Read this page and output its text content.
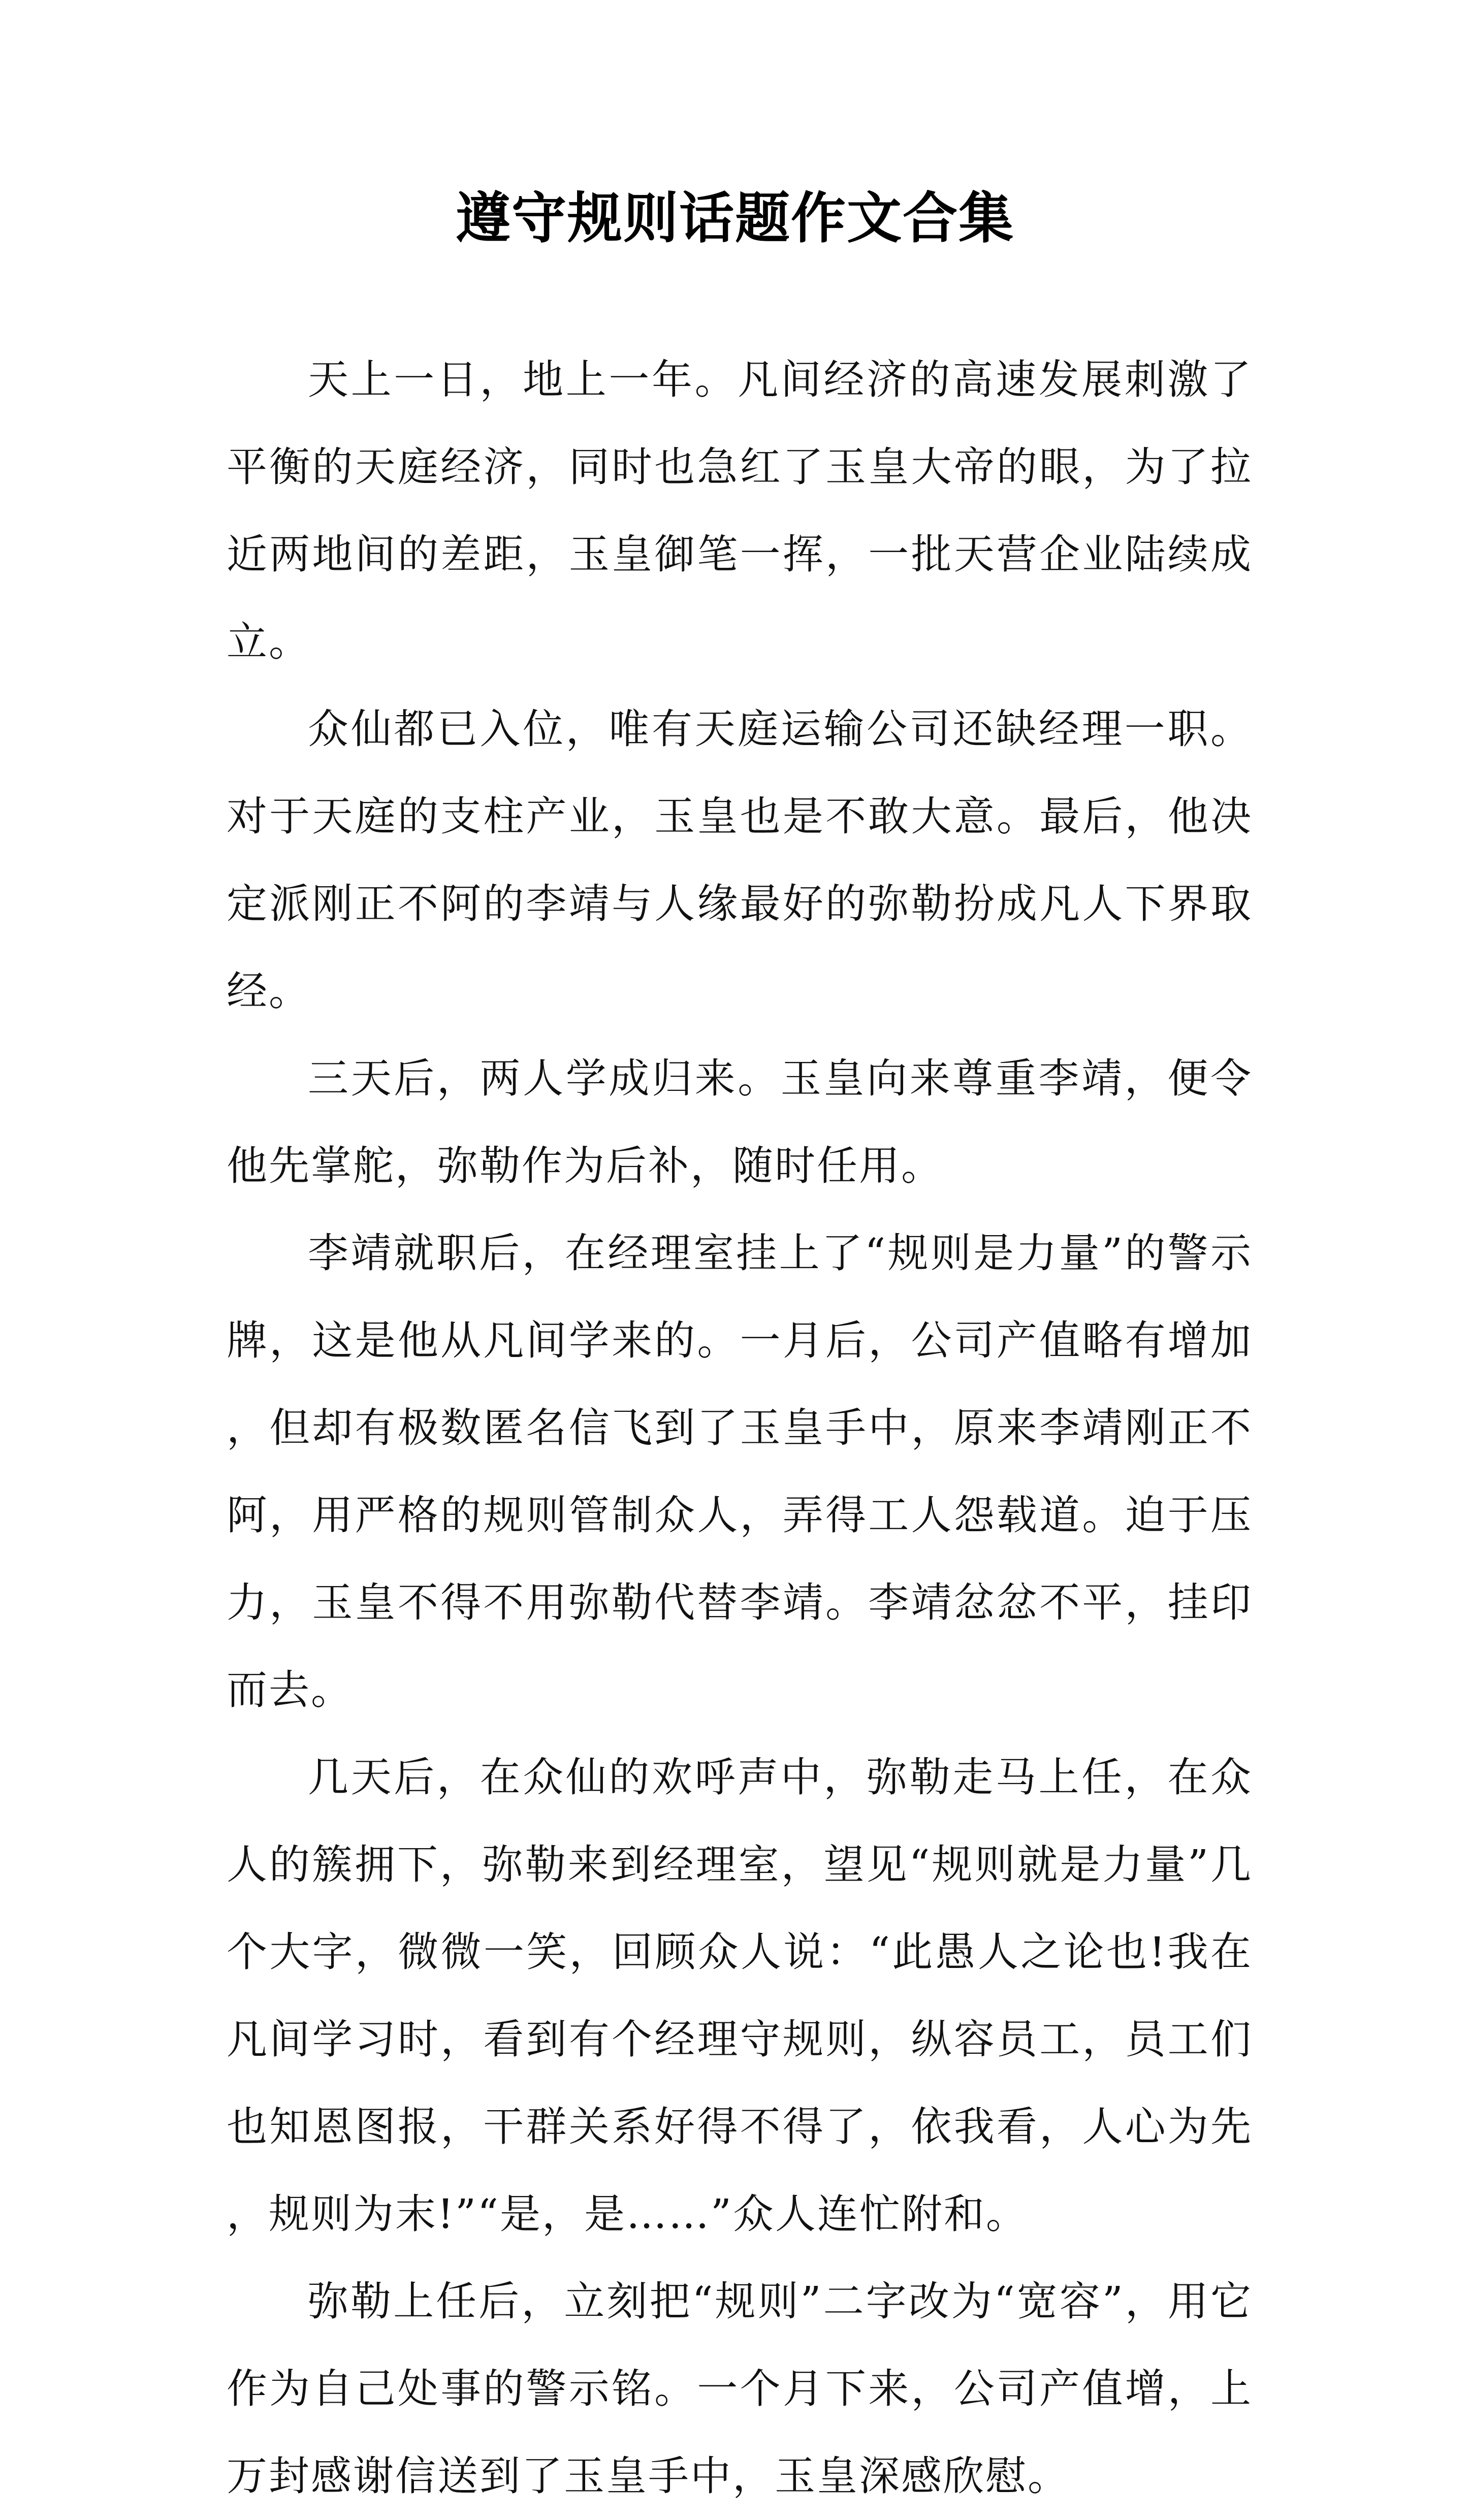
遵守规则话题作文合集

天上一日，地上一年。凡间经济的高速发展刺激了平衡的天庭经济，同时也急红了玉皇大帝的眼，为了拉近两地间的差距，玉皇御笔一挥，一批天营企业陆续成立。

众仙都已入位，唯有天庭运输公司还缺经理一职。对于天庭的支柱产业，玉皇也是不敢大意。最后，他决定派刚正不阿的李靖与人缘最好的弥勒扮成凡人下界取经。

三天后，两人学成归来。玉皇向来尊重李靖，便令他先掌舵，弥勒作为后补，随时任用。

李靖就职后，在经理室挂上了“规则是力量”的警示牌，这是他从凡间学来的。一月后，公司产值略有增加，但却有极数匿名信飞到了玉皇手中，原来李靖刚正不阿，用严格的规则管制众人，弄得工人怨载道。迫于压力，玉皇不得不用弥勒代替李靖。李靖忿忿不平，挂印而去。

几天后，在众仙的欢呼声中，弥勒走马上任，在众人的簇拥下，弥勒来到经理室，望见“规则就是力量”几个大字，微微一笑，回顾众人说：“此愚人之论也!我在凡间学习时，看到有个经理守规则，纵容员工，员工们也知恩图报，干群关系好得不得了，依我看，人心为先，规则为末!”“是，是……”众人连忙附和。

弥勒上任后，立刻把“规则”二字改为“宽容”，用它作为自己处事的警示铭。一个月下来，公司产值增，上万封感谢信送到了玉皇手中，玉皇深感欣慰。
